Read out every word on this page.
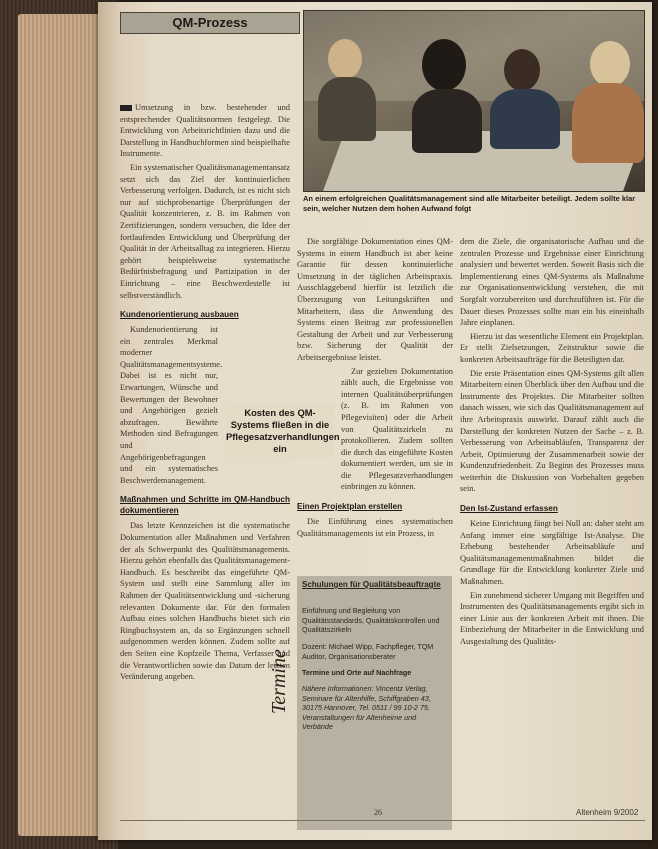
QM-Prozess
An einem erfolgreichen Qualitätsmanagement sind alle Mitarbeiter beteiligt. Jedem sollte klar sein, welcher Nutzen dem hohen Aufwand folgt

Umsetzung in bzw. bestehender und entsprechender Qualitätsnormen festgelegt. Die Entwicklung von Arbeitsrichtlinien dazu und die Darstellung in Handbuchformen sind beispielhafte Instrumente.

Ein systematischer Qualitätsmanagementansatz setzt sich das Ziel der kontinuierlichen Verbesserung verfolgen. Dadurch, ist es nicht sich nur auf stichprobenartige Überprüfungen der Qualität konzentrieren, z. B. im Rahmen von Zertifizierungen, sondern versuchen, die Idee der fortlaufenden Entwicklung und Überprüfung der Qualität in der Arbeitsalltag zu integrieren. Hierzu gehört beispielsweise systematische Bedürfnisbefragung und Partizipation in der Einrichtung – eine Beschwerdestelle ist selbstverständlich.

Kundenorientierung ausbauen

Kundenorientierung ist ein zentrales Merkmal moderner Qualitätsmanagementsysteme. Dabei ist es nicht nur, Erwartungen, Wünsche und Bewertungen der Bewohner und Angehörigen gezielt abzufragen. Bewährte Methoden sind Befragungen und Angehörigenbefragungen und ein systematisches Beschwerdemanagement.

Maßnahmen und Schritte im QM-Handbuch dokumentieren

Das letzte Kennzeichen ist die systematische Dokumentation aller Maßnahmen und Verfahren der als Schwerpunkt des Qualitätsmanagements. Hierzu gehört ebenfalls das Qualitätsmanagement-Handbuch. Es beschreibt das eingeführte QM-System und stellt eine Sammlung aller im Rahmen der Qualitätsentwicklung und -sicherung relevanten Dokumente dar. Für den formalen Aufbau eines solchen Handbuchs bietet sich ein Ringbuchsystem an, da so Ergänzungen schnell aufgenommen werden können. Zudem sollte auf den Seiten eine Kopfzeile Thema, Verfasser und die Verantwortlichen sowie das Datum der letzten Veränderung angeben.

Kosten des QM-Systems fließen in die Pflegesatzverhandlungen ein

Die sorgfältige Dokumentation eines QM-Systems in einem Handbuch ist aber keine Garantie für dessen kontinuierliche Umsetzung in der täglichen Arbeitspraxis. Ausschlaggebend hierfür ist letztlich die Überzeugung von Leitungskräften und Mitarbeitern, dass die Anwendung des Systems einen Beitrag zur professionellen Gestaltung der Arbeit und zur Verbesserung bzw. Sicherung der Qualität der Arbeitsergebnisse leistet.

Zur gezielten Dokumentation zählt auch, die Ergebnisse von internen Qualitätsüberprüfungen (z. B. im Rahmen von Pflegevisiten) oder die Arbeit von Qualitätszirkeln zu protokollieren. Zudem sollten die durch das eingeführte Kosten dokumentiert werden, um sie in die Pflegesatzverhandlungen einbringen zu können.

Einen Projektplan erstellen

Die Einführung eines systematischen Qualitätsmanagements ist ein Prozess, in

Termine
Schulungen für Qualitätsbeauftragte
Einführung und Begleitung von Qualitätsstandards, Qualitätskontrollen und Qualitätszirkeln
Dozent: Michael Wipp, Fachpfleger, TQM Auditor, Organisationsberater
Termine und Orte auf Nachfrage
Nähere Informationen: Vincentz Verlag, Seminare für Altenhilfe, Schiffgraben 43, 30175 Hannover, Tel. 0511 / 99 10-2 75. Veranstaltungen für Altenheime und Verbände

dem die Ziele, die organisatorische Aufbau und die zentralen Prozesse und Ergebnisse einer Einrichtung analysiert und bewertet werden. Soweit Basis sich die Implementierung eines QM-Systems als Maßnahme zur Organisationsentwicklung verstehen, die mit Sorgfalt vorzubereiten und durchzuführen ist. Für die Dauer dieses Prozesses sollte man ein bis eineinhalb Jahre einplanen.

Hierzu ist das wesentliche Element ein Projektplan. Er stellt Zielsetzungen, Zeitstruktur sowie die konkreten Arbeitsaufträge für die Beteiligten dar.

Die erste Präsentation eines QM-Systems gilt allen Mitarbeitern einen Überblick über den Aufbau und die Instrumente des Projektes. Die Mitarbeiter sollten danach wissen, wie sich das Qualitätsmanagement auf ihre Arbeitspraxis auswirkt. Darauf zählt auch die Darstellung der konkreten Nutzen der Sache – z. B. Verbesserung von Arbeitsabläufen, Transparenz der Arbeit, Optimierung der Zusammenarbeit sowie der Kundenzufriedenheit. Zu Beginn des Prozesses muss weiterhin die Diskussion von Vorbehalten gegeben sein.

Den Ist-Zustand erfassen

Keine Einrichtung fängt bei Null an: daher steht am Anfang immer eine sorgfältige Ist-Analyse. Die Erhebung bestehender Arbeitsabläufe und Qualitätsmanagementmaßnahmen bildet die Grundlage für die Entwicklung konkreter Ziele und Maßnahmen.

Ein zunehmend sicherer Umgang mit Begriffen und Instrumenten des Qualitätsmanagements ergibt sich in einer Linie aus der konkreten Arbeit mit ihnen. Die Einbeziehung der Mitarbeiter in die Entwicklung und Ausgestaltung des Qualitäts-

26	Altenheim 9/2002
